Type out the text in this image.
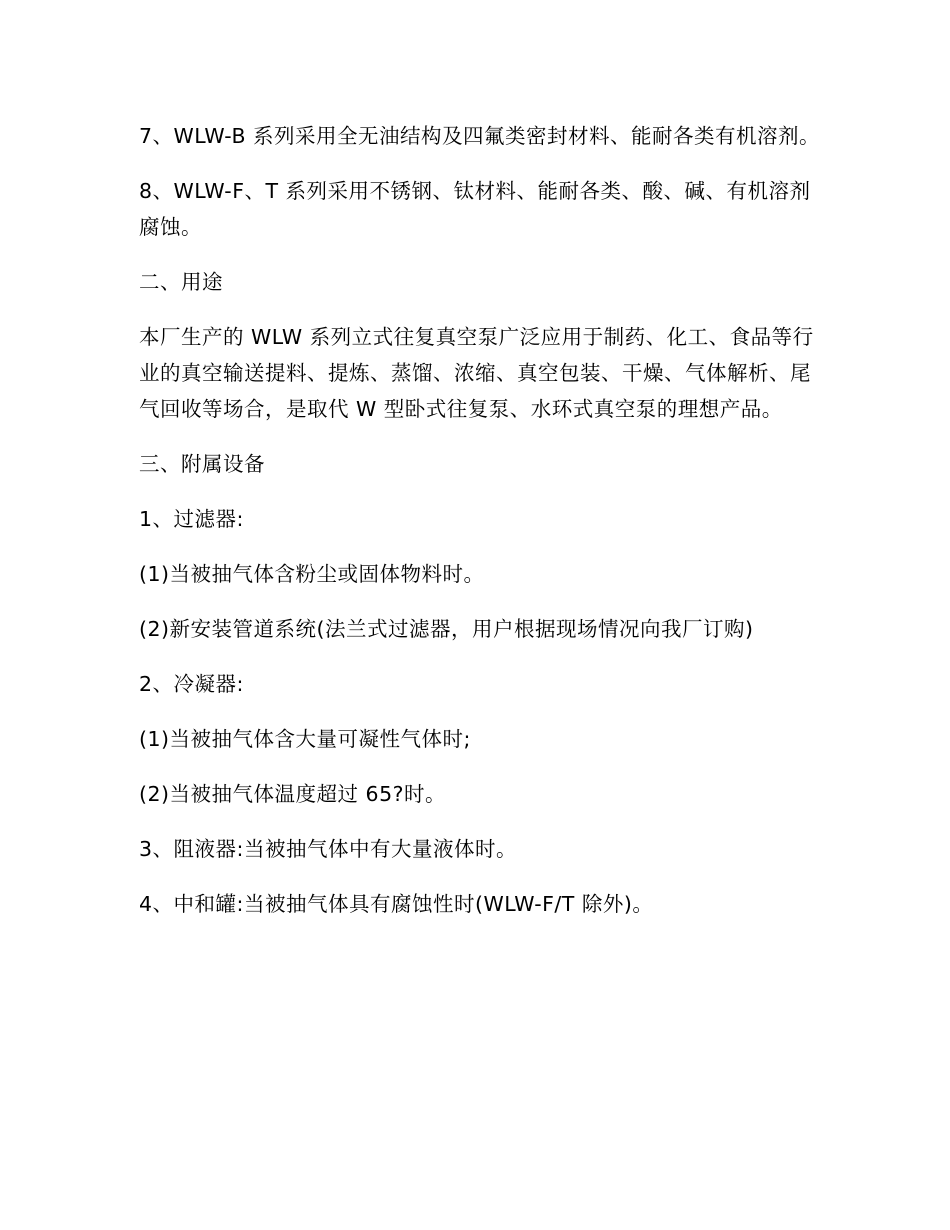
7、WLW-B 系列采用全无油结构及四氟类密封材料、能耐各类有机溶剂。

8、WLW-F、T 系列采用不锈钢、钛材料、能耐各类、酸、碱、有机溶剂腐蚀。

二、用途

本厂生产的 WLW 系列立式往复真空泵广泛应用于制药、化工、食品等行业的真空输送提料、提炼、蒸馏、浓缩、真空包装、干燥、气体解析、尾气回收等场合，是取代 W 型卧式往复泵、水环式真空泵的理想产品。

三、附属设备

1、过滤器:

(1)当被抽气体含粉尘或固体物料时。

(2)新安装管道系统(法兰式过滤器，用户根据现场情况向我厂订购)

2、冷凝器:

(1)当被抽气体含大量可凝性气体时;

(2)当被抽气体温度超过 65?时。

3、阻液器:当被抽气体中有大量液体时。

4、中和罐:当被抽气体具有腐蚀性时(WLW-F/T 除外)。
